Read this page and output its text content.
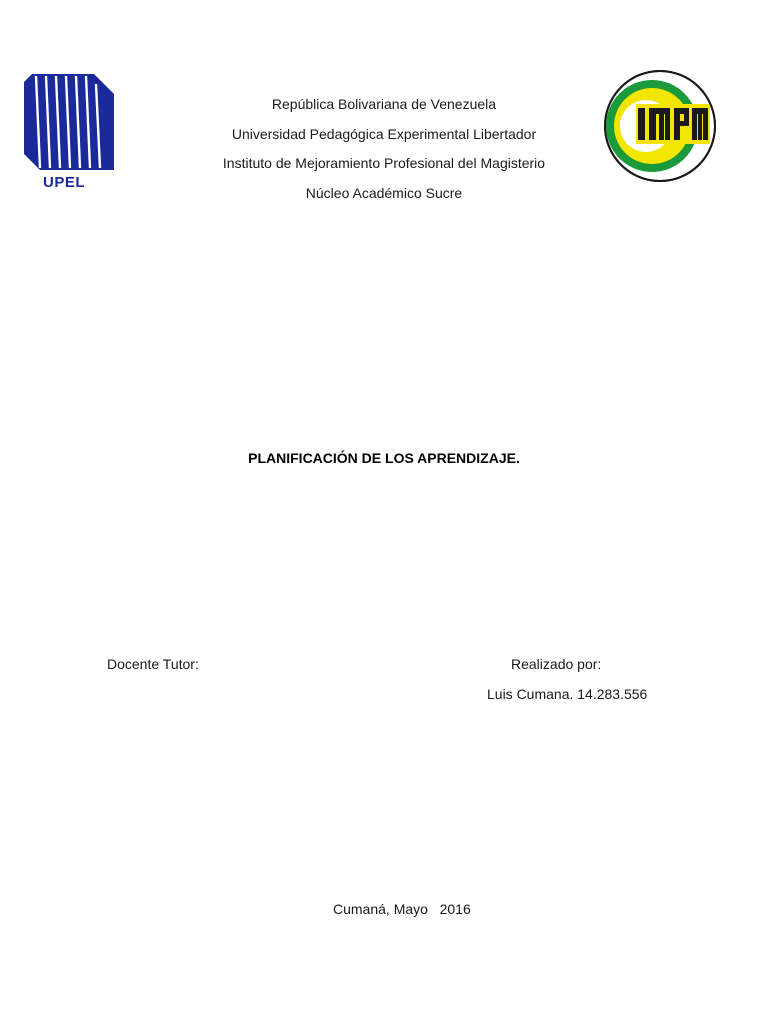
UPEL
República Bolivariana de Venezuela
Universidad Pedagógica Experimental Libertador
Instituto de Mejoramiento Profesional del Magisterio
Núcleo Académico Sucre
PLANIFICACIÓN DE LOS APRENDIZAJE.
Docente Tutor:	Realizado por:
Luis Cumana. 14.283.556
Cumaná, Mayo   2016
